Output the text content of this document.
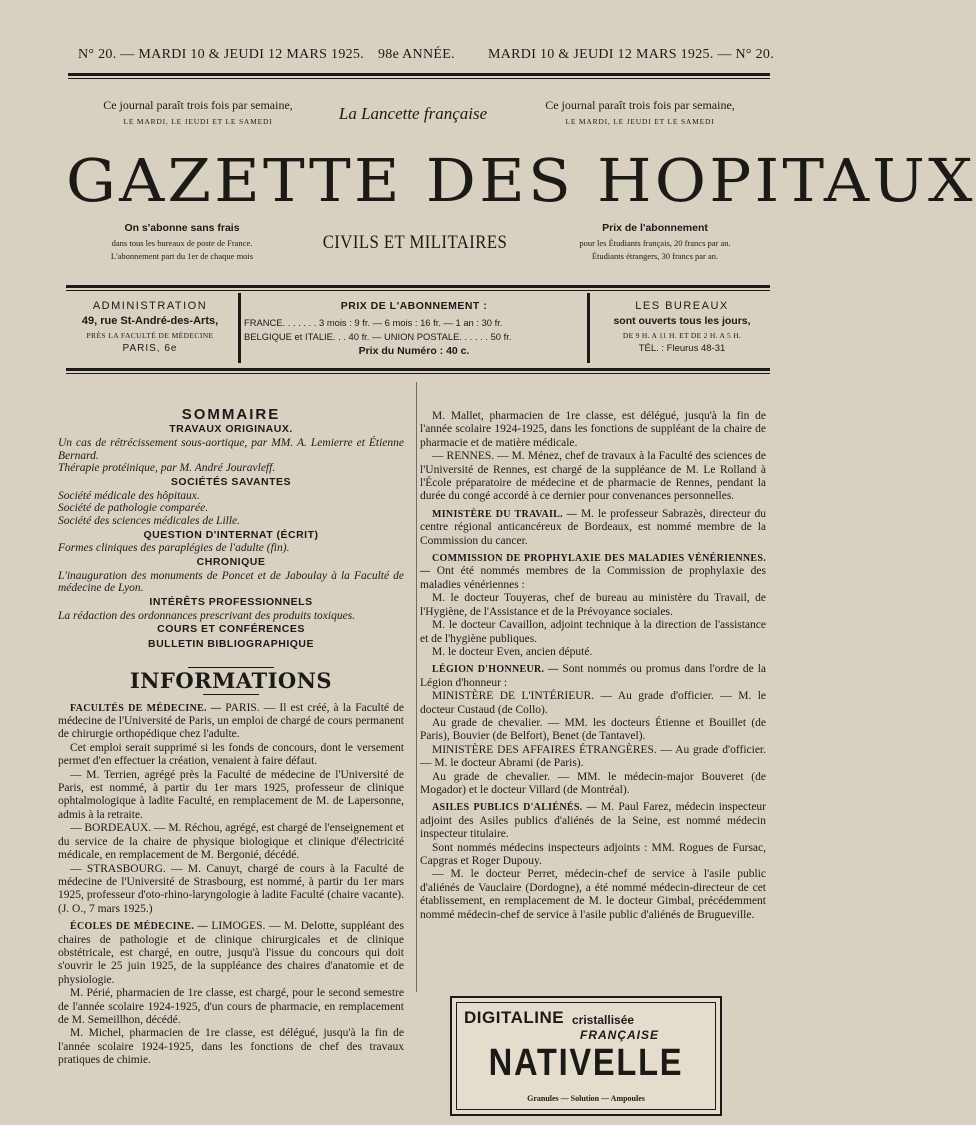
N° 20. — MARDI 10 & JEUDI 12 MARS 1925. 98e ANNÉE. MARDI 10 & JEUDI 12 MARS 1925. — N° 20.
Ce journal paraît trois fois par semaine,
LE MARDI, LE JEUDI ET LE SAMEDI	La Lancette française	Ce journal paraît trois fois par semaine,
LE MARDI, LE JEUDI ET LE SAMEDI
GAZETTE DES HOPITAUX
On s'abonne sans frais
dans tous les bureaux de poste de France.
L'abonnement part du 1er de chaque mois
CIVILS ET MILITAIRES
Prix de l'abonnement
pour les Étudiants français, 20 francs par an.
Étudiants étrangers, 30 francs par an.
ADMINISTRATION
49, rue St-André-des-Arts,
PRÈS LA FACULTÉ DE MÉDECINE
PARIS, 6e
PRIX DE L'ABONNEMENT :
FRANCE. . . . . . . 3 mois : 9 fr. — 6 mois : 16 fr. — 1 an : 30 fr.
BELGIQUE et ITALIE. . . 40 fr. — UNION POSTALE. . . . . . 50 fr.
Prix du Numéro : 40 c.
LES BUREAUX
sont ouverts tous les jours,
DE 9 H. A 11 H. ET DE 2 H. A 5 H.
TÉL. : Fleurus 48-31
SOMMAIRE
TRAVAUX ORIGINAUX.
Un cas de rétrécissement sous-aortique, par MM. A. Lemierre et Étienne Bernard.
Thérapie protéinique, par M. André Jouravleff.
SOCIÉTÉS SAVANTES
Société médicale des hôpitaux.
Société de pathologie comparée.
Société des sciences médicales de Lille.
QUESTION D'INTERNAT (ÉCRIT)
Formes cliniques des paraplégies de l'adulte (fin).
CHRONIQUE
L'inauguration des monuments de Poncet et de Jaboulay à la Faculté de médecine de Lyon.
INTÉRÊTS PROFESSIONNELS
La rédaction des ordonnances prescrivant des produits toxiques.
COURS ET CONFÉRENCES
BULLETIN BIBLIOGRAPHIQUE
INFORMATIONS

FACULTÉS DE MÉDECINE. — PARIS. — Il est créé, à la Faculté de médecine de l'Université de Paris, un emploi de chargé de cours permanent de chirurgie orthopédique chez l'adulte.

Cet emploi serait supprimé si les fonds de concours, dont le versement permet d'en effectuer la création, venaient à faire défaut.

— M. Terrien, agrégé près la Faculté de médecine de l'Université de Paris, est nommé, à partir du 1er mars 1925, professeur de clinique ophtalmologique à ladite Faculté, en remplacement de M. de Lapersonne, admis à la retraite.

— BORDEAUX. — M. Réchou, agrégé, est chargé de l'enseignement et du service de la chaire de physique biologique et clinique d'électricité médicale, en remplacement de M. Bergonié, décédé.

— STRASBOURG. — M. Canuyt, chargé de cours à la Faculté de médecine de l'Université de Strasbourg, est nommé, à partir du 1er mars 1925, professeur d'oto-rhino-laryngologie à ladite Faculté (chaire vacante). (J. O., 7 mars 1925.)

ÉCOLES DE MÉDECINE. — LIMOGES. — M. Delotte, suppléant des chaires de pathologie et de clinique chirurgicales et de clinique obstétricale, est chargé, en outre, jusqu'à l'issue du concours qui doit s'ouvrir le 25 juin 1925, de la suppléance des chaires d'anatomie et de physiologie.

M. Périé, pharmacien de 1re classe, est chargé, pour le second semestre de l'année scolaire 1924-1925, d'un cours de pharmacie, en remplacement de M. Semeillhon, décédé.

M. Michel, pharmacien de 1re classe, est délégué, jusqu'à la fin de l'année scolaire 1924-1925, dans les fonctions de chef des travaux pratiques de chimie.

M. Mallet, pharmacien de 1re classe, est délégué, jusqu'à la fin de l'année scolaire 1924-1925, dans les fonctions de suppléant de la chaire de pharmacie et de matière médicale.

— RENNES. — M. Ménez, chef de travaux à la Faculté des sciences de l'Université de Rennes, est chargé de la suppléance de M. Le Rolland à l'École préparatoire de médecine et de pharmacie de Rennes, pendant la durée du congé accordé à ce dernier pour convenances personnelles.

MINISTÈRE DU TRAVAIL. — M. le professeur Sabrazès, directeur du centre régional anticancéreux de Bordeaux, est nommé membre de la Commission du cancer.

COMMISSION DE PROPHYLAXIE DES MALADIES VÉNÉRIENNES. — Ont été nommés membres de la Commission de prophylaxie des maladies vénériennes :

M. le docteur Touyeras, chef de bureau au ministère du Travail, de l'Hygiène, de l'Assistance et de la Prévoyance sociales.

M. le docteur Cavaillon, adjoint technique à la direction de l'assistance et de l'hygiène publiques.

M. le docteur Even, ancien député.

LÉGION D'HONNEUR. — Sont nommés ou promus dans l'ordre de la Légion d'honneur :

MINISTÈRE DE L'INTÉRIEUR. — Au grade d'officier. — M. le docteur Custaud (de Collo).

Au grade de chevalier. — MM. les docteurs Étienne et Bouillet (de Paris), Bouvier (de Belfort), Benet (de Tantavel).

MINISTÈRE DES AFFAIRES ÉTRANGÈRES. — Au grade d'officier. — M. le docteur Abrami (de Paris).

Au grade de chevalier. — MM. le médecin-major Bouveret (de Mogador) et le docteur Villard (de Montréal).

ASILES PUBLICS D'ALIÉNÉS. — M. Paul Farez, médecin inspecteur adjoint des Asiles publics d'aliénés de la Seine, est nommé médecin inspecteur titulaire.

Sont nommés médecins inspecteurs adjoints : MM. Rogues de Fursac, Capgras et Roger Dupouy.

— M. le docteur Perret, médecin-chef de service à l'asile public d'aliénés de Vauclaire (Dordogne), a été nommé médecin-directeur de cet établissement, en remplacement de M. le docteur Gimbal, précédemment nommé médecin-chef de service à l'asile public d'aliénés de Brugueville.

DIGITALINE cristallisée
FRANÇAISE
NATIVELLE
Granules — Solution — Ampoules
